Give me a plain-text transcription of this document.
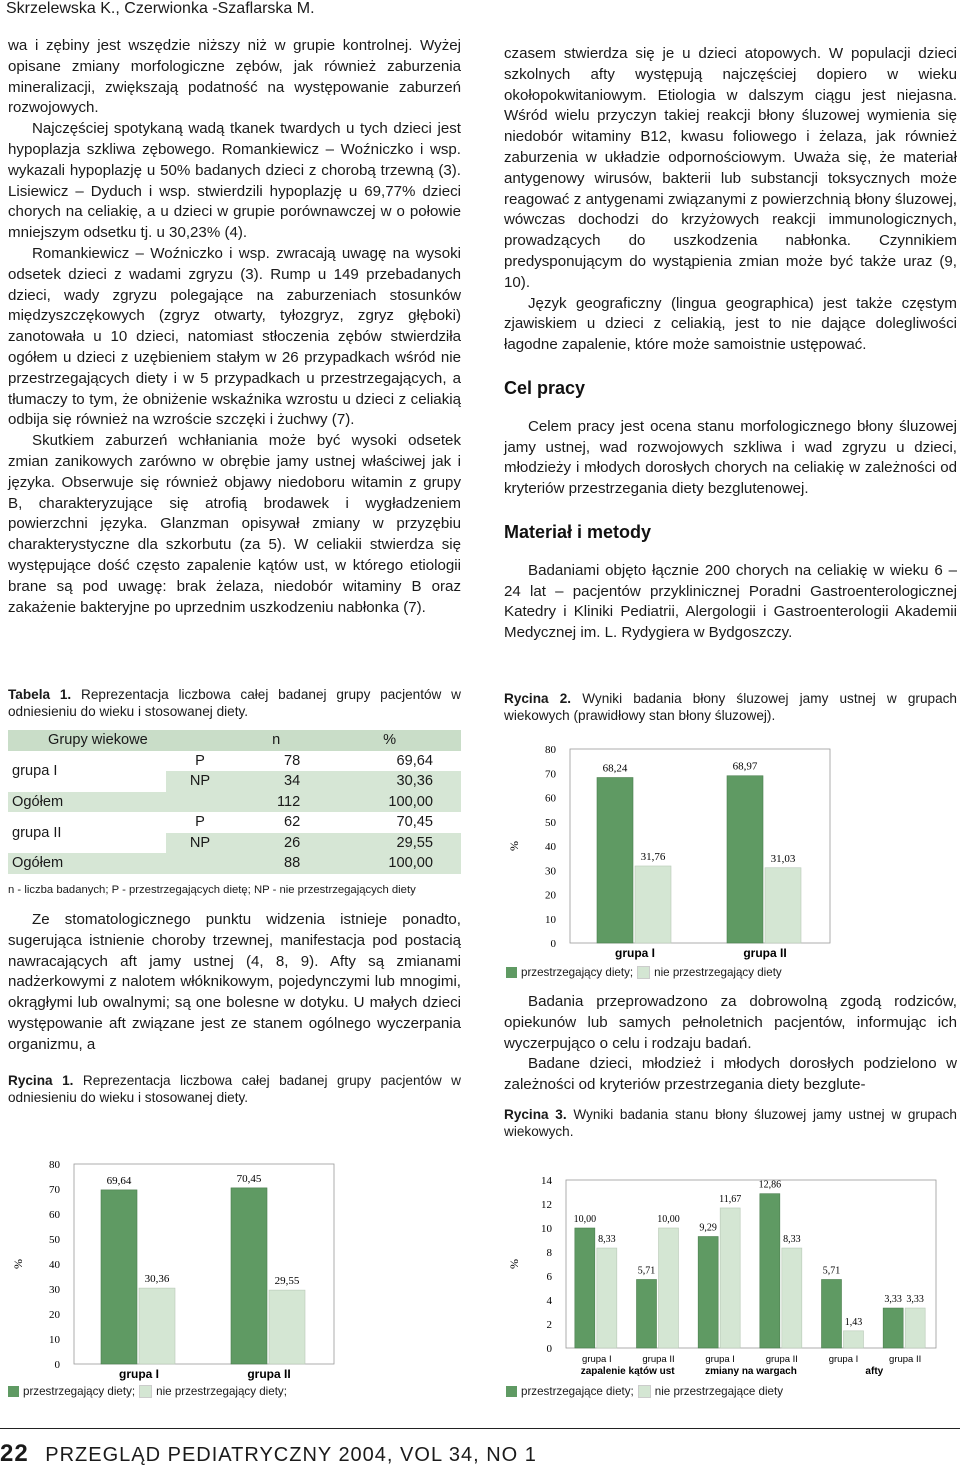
Skrzelewska K., Czerwionka -Szaflarska M.

wa i zębiny jest wszędzie niższy niż w grupie kontrolnej. Wyżej opisane zmiany morfologiczne zębów, jak również zaburzenia mineralizacji, zwiększają podatność na występowanie zaburzeń rozwojowych.

Najczęściej spotykaną wadą tkanek twardych u tych dzieci jest hypoplazja szkliwa zębowego. Romankiewicz – Woźniczko i wsp. wykazali hypoplazję u 50% badanych dzieci z chorobą trzewną (3). Lisiewicz – Dyduch i wsp. stwierdzili hypoplazję u 69,77% dzieci chorych na celiakię, a u dzieci w grupie porównawczej w o połowie mniejszym odsetku tj. u 30,23% (4).

Romankiewicz – Woźniczko i wsp. zwracają uwagę na wysoki odsetek dzieci z wadami zgryzu (3). Rump u 149 przebadanych dzieci, wady zgryzu polegające na zaburzeniach stosunków międzyszczękowych (zgryz otwarty, tyłozgryz, zgryz głęboki) zanotowała u 10 dzieci, natomiast stłoczenia zębów stwierdziła ogółem u dzieci z uzębieniem stałym w 26 przypadkach wśród nie przestrzegających diety i w 5 przypadkach u przestrzegających, a tłumaczy to tym, że obniżenie wskaźnika wzrostu u dzieci z celiakią odbija się również na wzroście szczęki i żuchwy (7).

Skutkiem zaburzeń wchłaniania może być wysoki odsetek zmian zanikowych zarówno w obrębie jamy ustnej właściwej jak i języka. Obserwuje się również objawy niedoboru witamin z grupy B, charakteryzujące się atrofią brodawek i wygładzeniem powierzchni języka. Glanzman opisywał zmiany w przyzębiu charakterystyczne dla szkorbutu (za 5). W celiakii stwierdza się występujące dość często zapalenie kątów ust, w którego etiologii brane są pod uwagę: brak żelaza, niedobór witaminy B oraz zakażenie bakteryjne po uprzednim uszkodzeniu nabłonka (7).

Tabela 1. Reprezentacja liczbowa całej badanej grupy pacjentów w odniesieniu do wieku i stosowanej diety.
Grupy wiekowe		n	%
grupa I	P	78	69,64
	NP	34	30,36
Ogółem		112	100,00
grupa II	P	62	70,45
	NP	26	29,55
Ogółem		88	100,00
n - liczba badanych; P - przestrzegających dietę; NP - nie przestrzegających diety

Ze stomatologicznego punktu widzenia istnieje ponadto, sugerująca istnienie choroby trzewnej, manifestacja pod postacią nawracających aft jamy ustnej (4, 8, 9). Afty są zmianami nadżerkowymi z nalotem włóknikowym, pojedynczymi lub mnogimi, okrągłymi lub owalnymi; są one bolesne w dotyku. U małych dzieci występowanie aft związane jest ze stanem ogólnego wyczerpania organizmu, a

Rycina 1. Reprezentacja liczbowa całej badanej grupy pacjentów w odniesieniu do wieku i stosowanej diety.
%
0
10
20
30
40
50
60
70
80
69,64
30,36
grupa I
70,45
29,55
grupa II
przestrzegający diety; nie przestrzegający diety;

czasem stwierdza się je u dzieci atopowych. W populacji dzieci szkolnych afty występują najczęściej dopiero w wieku okołopokwitaniowym. Etiologia w dalszym ciągu jest niejasna. Wśród wielu przyczyn takiej reakcji błony śluzowej wymienia się niedobór witaminy B12, kwasu foliowego i żelaza, jak również zaburzenia w układzie odpornościowym. Uważa się, że materiał antygenowy wirusów, bakterii lub substancji toksycznych może reagować z antygenami związanymi z powierzchnią błony śluzowej, wówczas dochodzi do krzyżowych reakcji immunologicznych, prowadzących do uszkodzenia nabłonka. Czynnikiem predysponującym do wystąpienia zmian może być także uraz (9, 10).

Język geograficzny (lingua geographica) jest także częstym zjawiskiem u dzieci z celiakią, jest to nie dające dolegliwości łagodne zapalenie, które może samoistnie ustępować.

Cel pracy

Celem pracy jest ocena stanu morfologicznego błony śluzowej jamy ustnej, wad rozwojowych szkliwa i wad zgryzu u dzieci, młodzieży i młodych dorosłych chorych na celiakię w zależności od kryteriów przestrzegania diety bezglutenowej.

Materiał i metody

Badaniami objęto łącznie 200 chorych na celiakię w wieku 6 – 24 lat – pacjentów przyklinicznej Poradni Gastroenterologicznej Katedry i Kliniki Pediatrii, Alergologii i Gastroenterologii Akademii Medycznej im. L. Rydygiera w Bydgoszczy.

Rycina 2. Wyniki badania błony śluzowej jamy ustnej w grupach wiekowych (prawidłowy stan błony śluzowej).
%
0
10
20
30
40
50
60
70
80
68,24
31,76
grupa I
68,97
31,03
grupa II
przestrzegający diety; nie przestrzegający diety

Badania przeprowadzono za dobrowolną zgodą rodziców, opiekunów lub samych pełnoletnich pacjentów, informując ich wyczerpująco o celu i rodzaju badań.

Badane dzieci, młodzież i młodych dorosłych podzielono w zależności od kryteriów przestrzegania diety bezglute-

Rycina 3. Wyniki badania stanu błony śluzowej jamy ustnej w grupach wiekowych.
%
0
2
4
6
8
10
12
14
10,00
8,33
grupa I
5,71
10,00
grupa II
9,29
11,67
grupa I
12,86
8,33
grupa II
5,71
1,43
grupa I
3,33 3,33
grupa II
zapalenie kątów ust	zmiany na wargach	afty
przestrzegające diety; nie przestrzegające diety
22 PRZEGLĄD PEDIATRYCZNY 2004, VOL 34, NO 1
